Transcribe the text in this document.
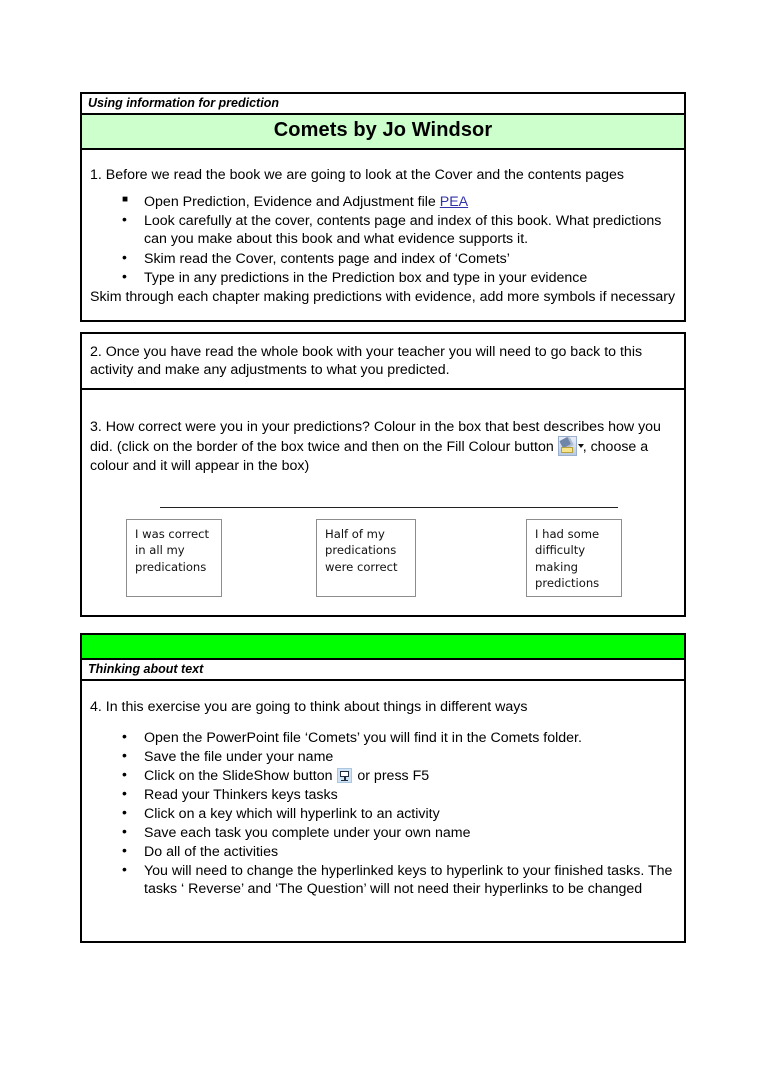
Using information for prediction
Comets by Jo Windsor

1. Before we read the book we are going to look at the Cover and the contents pages

■ Open Prediction, Evidence and Adjustment file PEA
• Look carefully at the cover, contents page and index of this book. What predictions can you make about this book and what evidence supports it.
• Skim read the Cover, contents page and index of ‘Comets’
• Type in any predictions in the Prediction box and type in your evidence

Skim through each chapter making predictions with evidence, add more symbols if necessary

2. Once you have read the whole book with your teacher you will need to go back to this activity and make any adjustments to what you predicted.

3. How correct were you in your predictions? Colour in the box that best describes how you did. (click on the border of the box twice and then on the Fill Colour button , choose a colour and it will appear in the box)

I was correct in all my predications

Half of my predications were correct

I had some difficulty making predictions

Thinking about text

4. In this exercise you are going to think about things in different ways

• Open the PowerPoint file ‘Comets’ you will find it in the Comets folder.
• Save the file under your name
• Click on the SlideShow button
or press F5
• Read your Thinkers keys tasks
• Click on a key which will hyperlink to an activity
• Save each task you complete under your own name
• Do all of the activities
• You will need to change the hyperlinked keys to hyperlink to your finished tasks. The tasks ‘ Reverse’ and ‘The Question’ will not need their hyperlinks to be changed
